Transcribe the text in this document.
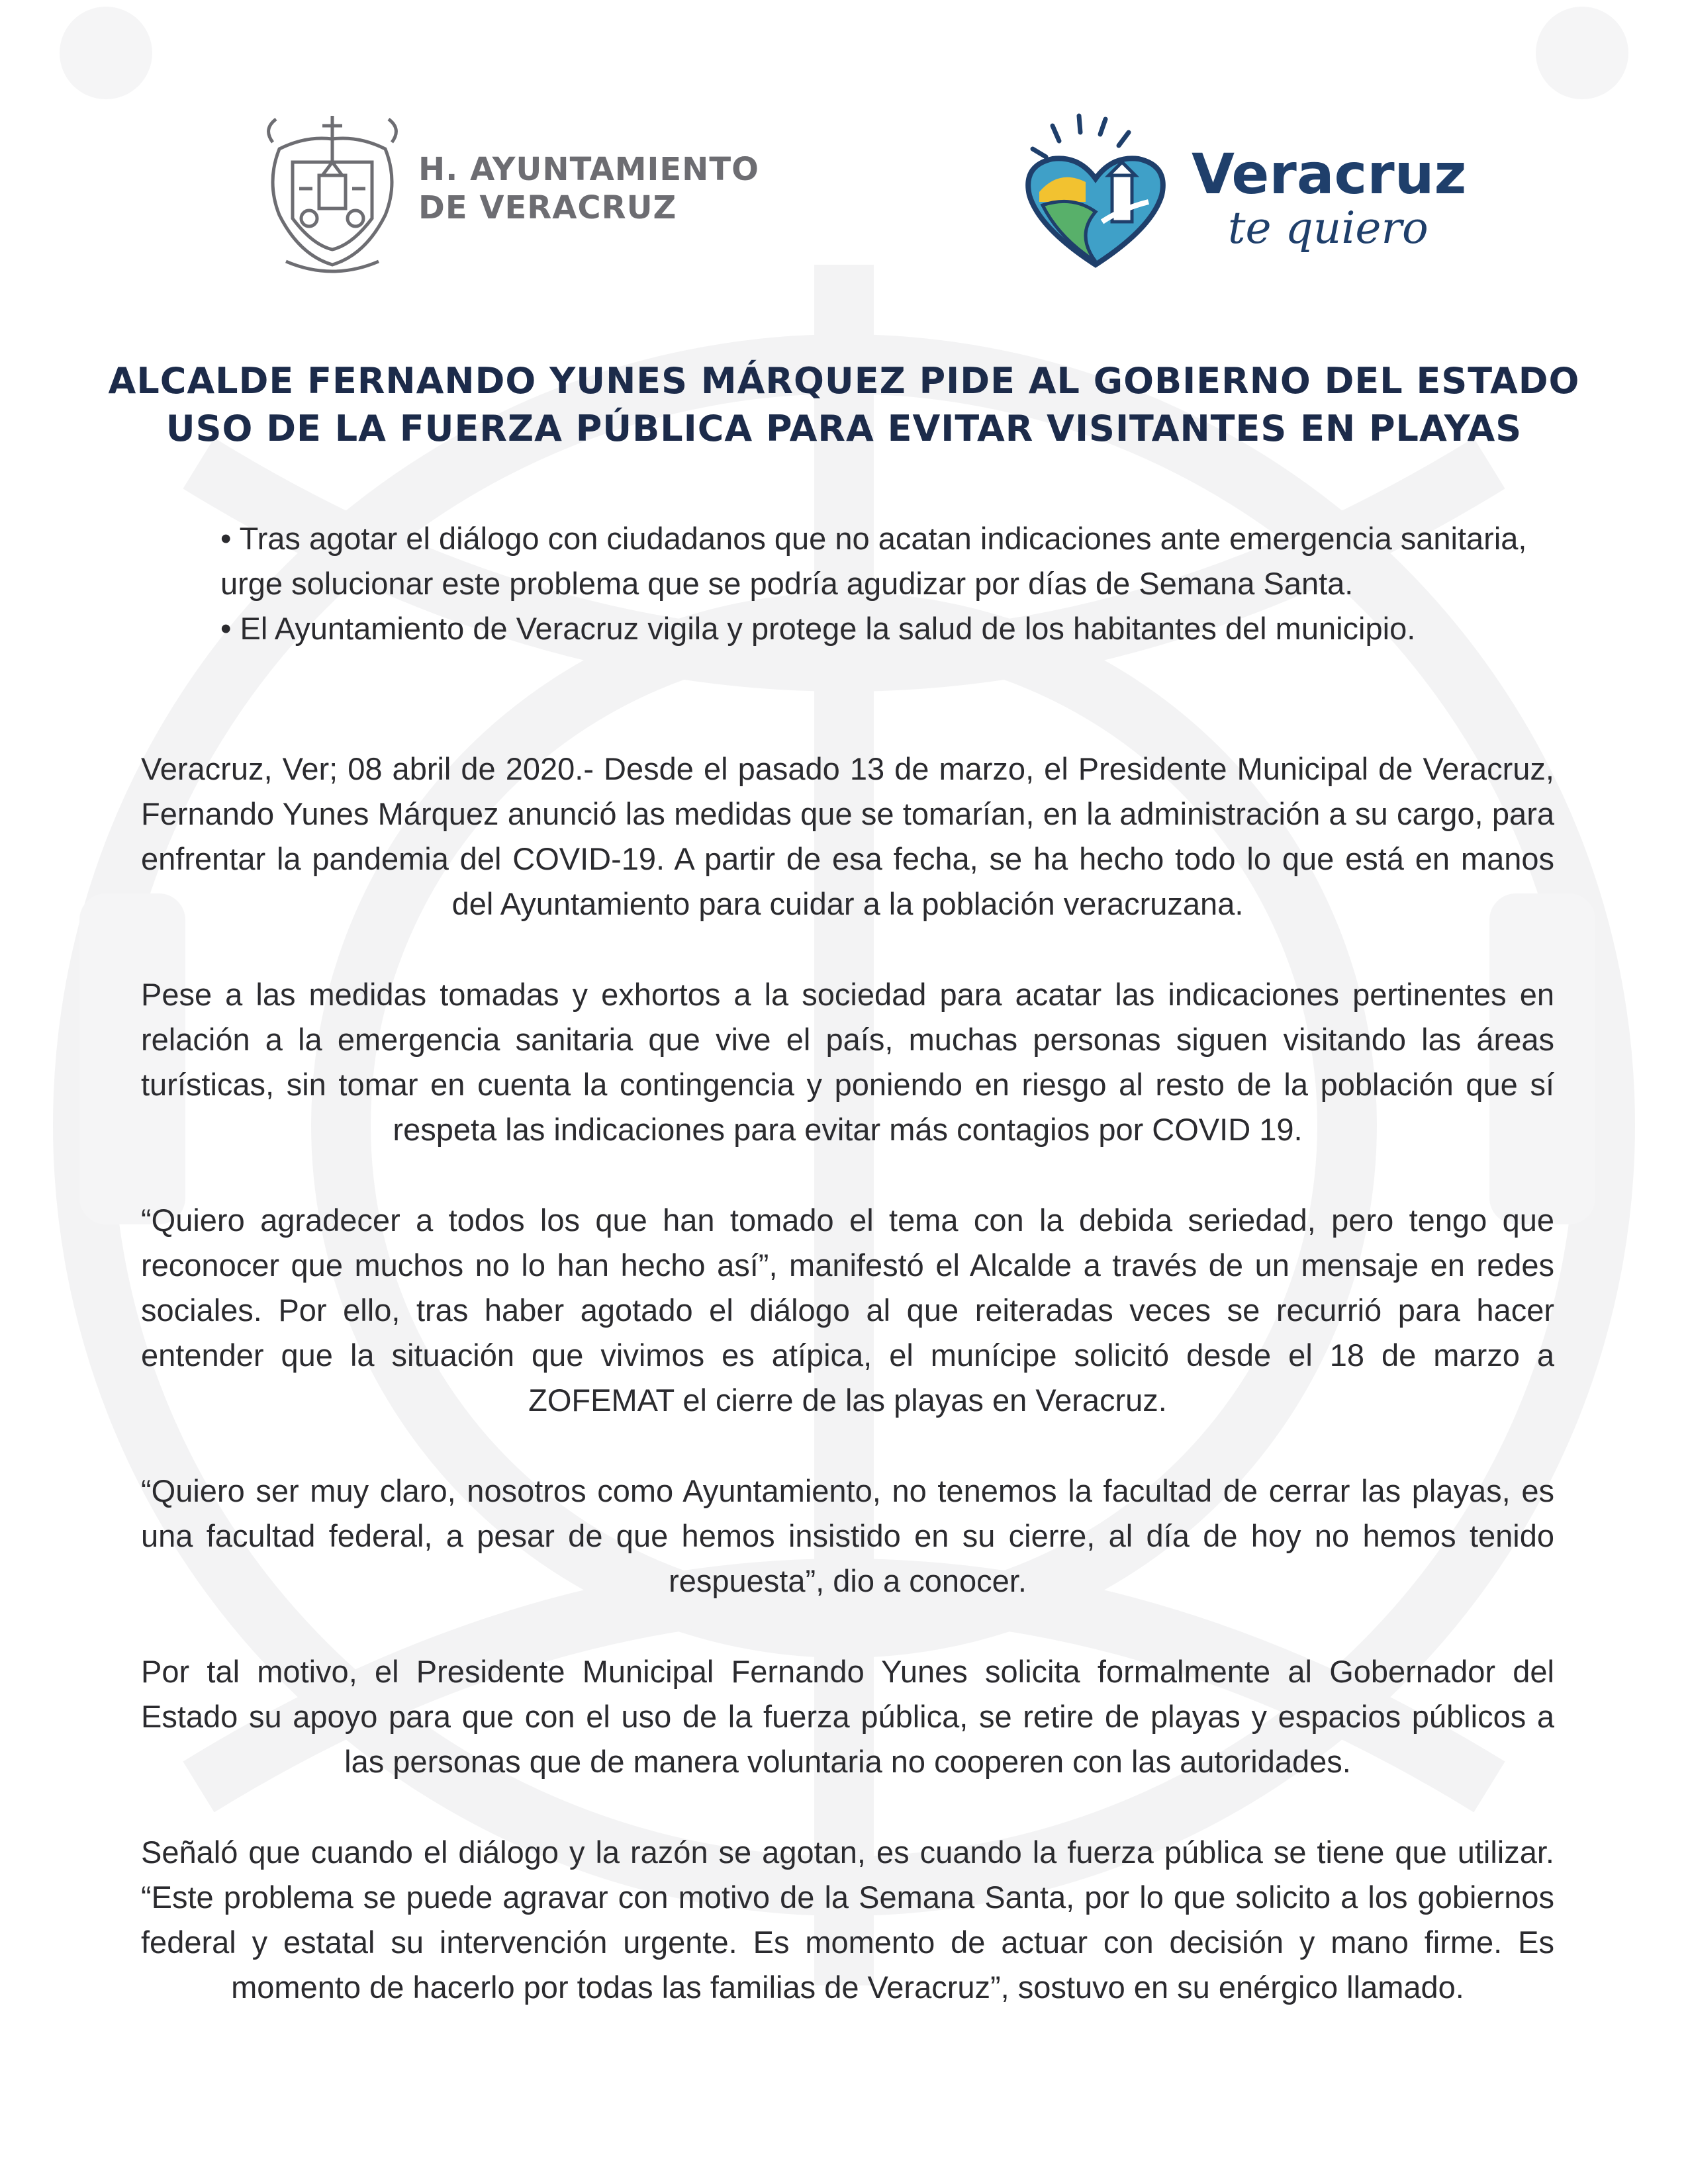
H. AYUNTAMIENTO
DE VERACRUZ
Veracruz
te quiero
ALCALDE FERNANDO YUNES MÁRQUEZ PIDE AL GOBIERNO DEL ESTADO
USO DE LA FUERZA PÚBLICA PARA EVITAR VISITANTES EN PLAYAS

• Tras agotar el diálogo con ciudadanos que no acatan indicaciones ante emergencia sanitaria, urge solucionar este problema que se podría agudizar por días de Semana Santa.

• El Ayuntamiento de Veracruz vigila y protege la salud de los habitantes del municipio.

Veracruz, Ver; 08 abril de 2020.- Desde el pasado 13 de marzo, el Presidente Municipal de Veracruz, Fernando Yunes Márquez anunció las medidas que se tomarían, en la administración a su cargo, para enfrentar la pandemia del COVID-19. A partir de esa fecha, se ha hecho todo lo que está en manos del Ayuntamiento para cuidar a la población veracruzana.

Pese a las medidas tomadas y exhortos a la sociedad para acatar las indicaciones pertinentes en relación a la emergencia sanitaria que vive el país, muchas personas siguen visitando las áreas turísticas, sin tomar en cuenta la contingencia y poniendo en riesgo al resto de la población que sí respeta las indicaciones para evitar más contagios por COVID 19.

“Quiero agradecer a todos los que han tomado el tema con la debida seriedad, pero tengo que reconocer que muchos no lo han hecho así”, manifestó el Alcalde a través de un mensaje en redes sociales. Por ello, tras haber agotado el diálogo al que reiteradas veces se recurrió para hacer entender que la situación que vivimos es atípica, el munícipe solicitó desde el 18 de marzo a ZOFEMAT el cierre de las playas en Veracruz.

“Quiero ser muy claro, nosotros como Ayuntamiento, no tenemos la facultad de cerrar las playas, es una facultad federal, a pesar de que hemos insistido en su cierre, al día de hoy no hemos tenido respuesta”, dio a conocer.

Por tal motivo, el Presidente Municipal Fernando Yunes solicita formalmente al Gobernador del Estado su apoyo para que con el uso de la fuerza pública, se retire de playas y espacios públicos a las personas que de manera voluntaria no cooperen con las autoridades.

Señaló que cuando el diálogo y la razón se agotan, es cuando la fuerza pública se tiene que utilizar. “Este problema se puede agravar con motivo de la Semana Santa, por lo que solicito a los gobiernos federal y estatal su intervención urgente. Es momento de actuar con decisión y mano firme. Es momento de hacerlo por todas las familias de Veracruz”, sostuvo en su enérgico llamado.
